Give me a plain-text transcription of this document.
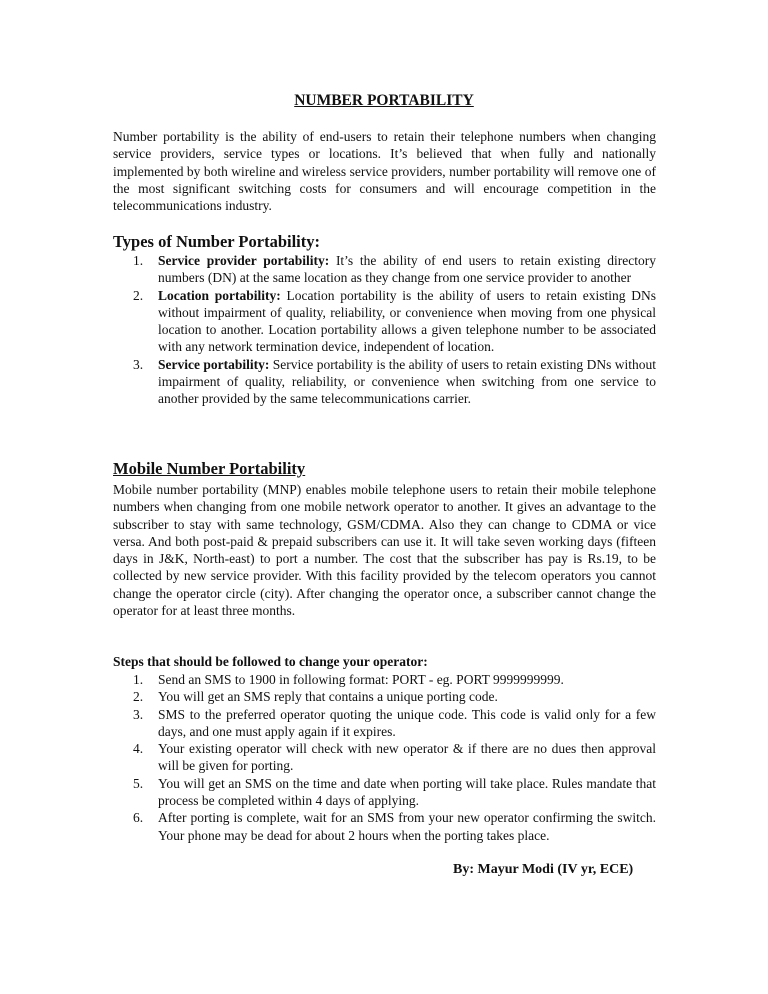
NUMBER PORTABILITY

Number portability is the ability of end-users to retain their telephone numbers when changing service providers, service types or locations. It’s believed that when fully and nationally implemented by both wireline and wireless service providers, number portability will remove one of the most significant switching costs for consumers and will encourage competition in the telecommunications industry.

Types of Number Portability:
1. Service provider portability: It’s the ability of end users to retain existing directory numbers (DN) at the same location as they change from one service provider to another
2. Location portability: Location portability is the ability of users to retain existing DNs without impairment of quality, reliability, or convenience when moving from one physical location to another. Location portability allows a given telephone number to be associated with any network termination device, independent of location.
3. Service portability: Service portability is the ability of users to retain existing DNs without impairment of quality, reliability, or convenience when switching from one service to another provided by the same telecommunications carrier.
Mobile Number Portability

Mobile number portability (MNP) enables mobile telephone users to retain their mobile telephone numbers when changing from one mobile network operator to another. It gives an advantage to the subscriber to stay with same technology, GSM/CDMA. Also they can change to CDMA or vice versa. And both post-paid & prepaid subscribers can use it. It will take seven working days (fifteen days in J&K, North-east) to port a number. The cost that the subscriber has pay is Rs.19, to be collected by new service provider. With this facility provided by the telecom operators you cannot change the operator circle (city). After changing the operator once, a subscriber cannot change the operator for at least three months.

Steps that should be followed to change your operator:
1. Send an SMS to 1900 in following format: PORT - eg. PORT 9999999999.
2. You will get an SMS reply that contains a unique porting code.
3. SMS to the preferred operator quoting the unique code. This code is valid only for a few days, and one must apply again if it expires.
4. Your existing operator will check with new operator & if there are no dues then approval will be given for porting.
5. You will get an SMS on the time and date when porting will take place. Rules mandate that process be completed within 4 days of applying.
6. After porting is complete, wait for an SMS from your new operator confirming the switch. Your phone may be dead for about 2 hours when the porting takes place.
By: Mayur Modi (IV yr, ECE)
